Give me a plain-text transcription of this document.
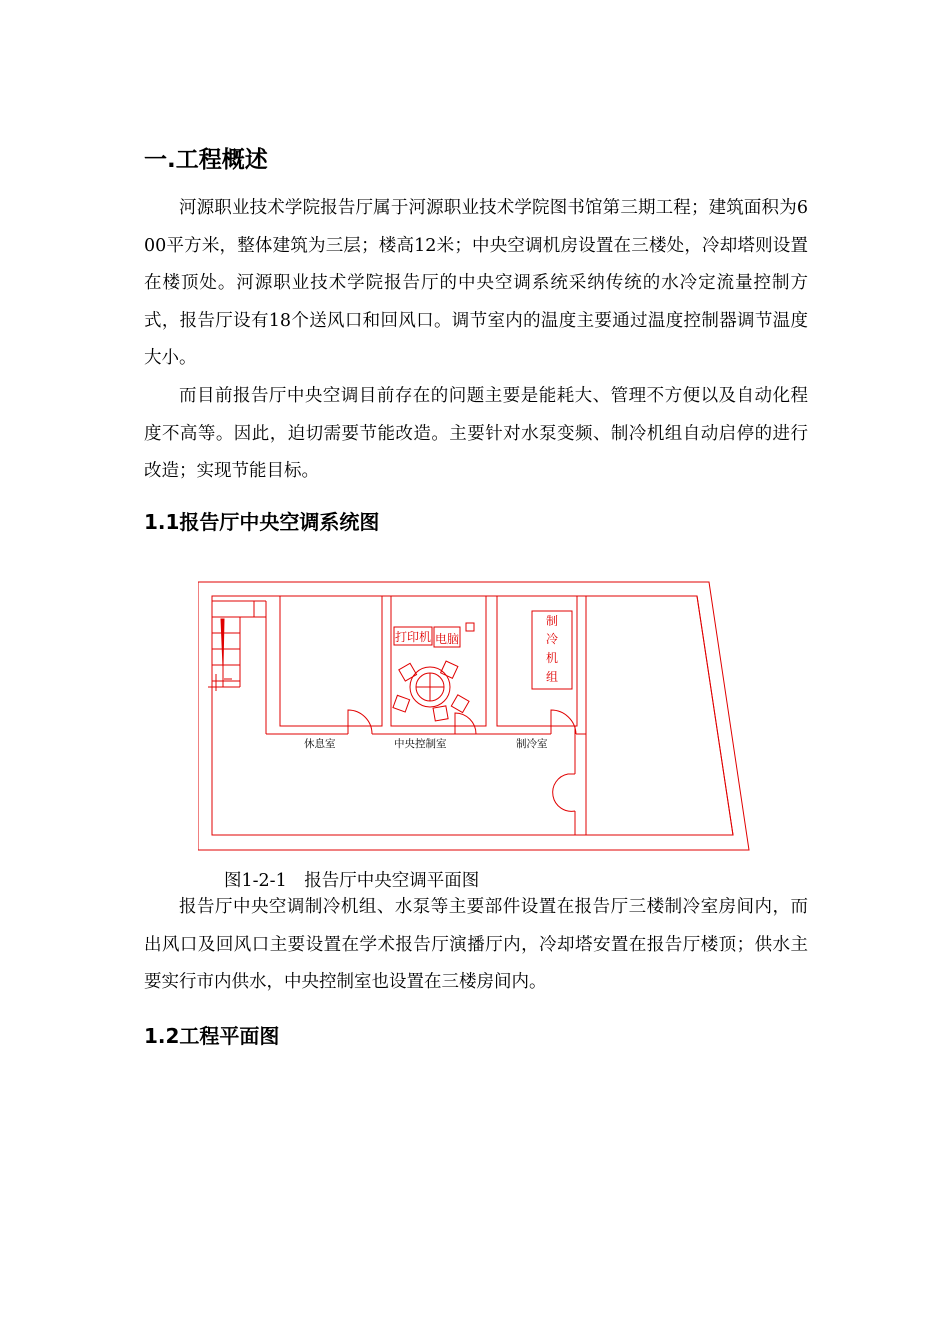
一.工程概述

河源职业技术学院报告厅属于河源职业技术学院图书馆第三期工程；建筑面积为600平方米，整体建筑为三层；楼高12米；中央空调机房设置在三楼处，冷却塔则设置在楼顶处。河源职业技术学院报告厅的中央空调系统采纳传统的水冷定流量控制方式，报告厅设有18个送风口和回风口。调节室内的温度主要通过温度控制器调节温度大小。

而目前报告厅中央空调目前存在的问题主要是能耗大、管理不方便以及自动化程度不高等。因此，迫切需要节能改造。主要针对水泵变频、制冷机组自动启停的进行改造；实现节能目标。

1.1报告厅中央空调系统图
休息室	中央控制室	制冷室
打印机 电脑
制
冷
机
组

图1-2-1　报告厅中央空调平面图

报告厅中央空调制冷机组、水泵等主要部件设置在报告厅三楼制冷室房间内，而出风口及回风口主要设置在学术报告厅演播厅内，冷却塔安置在报告厅楼顶；供水主要实行市内供水，中央控制室也设置在三楼房间内。

1.2工程平面图
